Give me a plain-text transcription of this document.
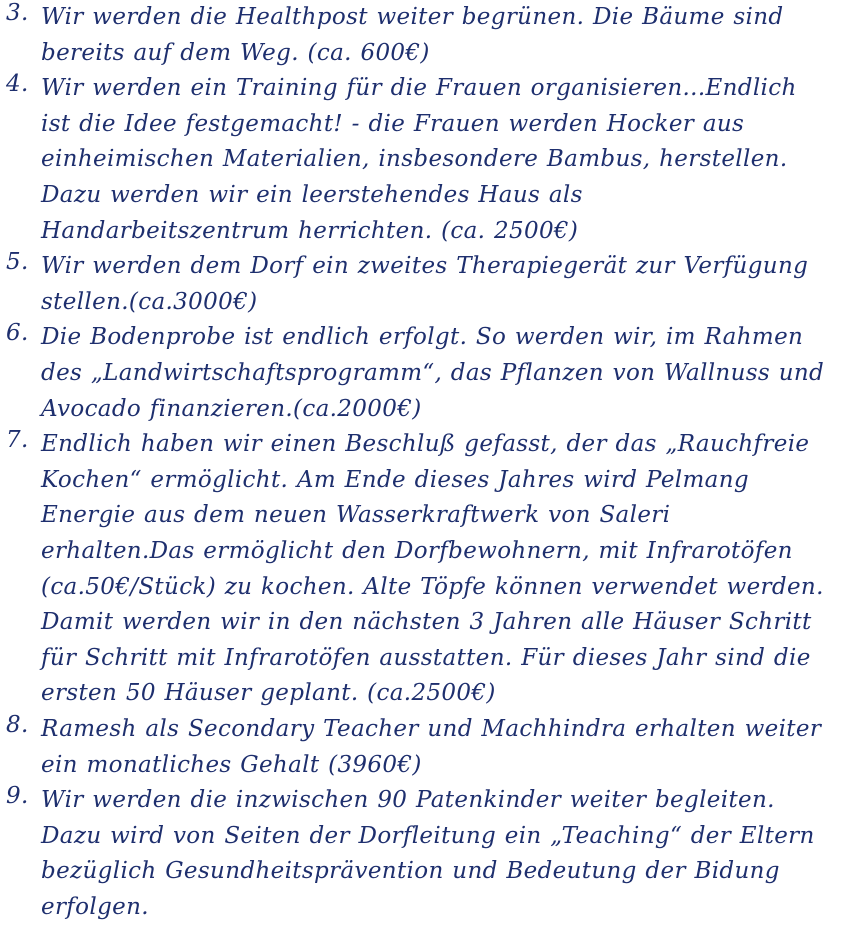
3. Wir werden die Healthpost weiter begrünen. Die Bäume sind
bereits auf dem Weg. (ca. 600€)
4. Wir werden ein Training für die Frauen organisieren...Endlich
ist die Idee festgemacht! - die Frauen werden Hocker aus
einheimischen Materialien, insbesondere Bambus, herstellen.
Dazu werden wir ein leerstehendes Haus als
Handarbeitszentrum herrichten. (ca. 2500€)
5. Wir werden dem Dorf ein zweites Therapiegerät zur Verfügung
stellen.(ca.3000€)
6. Die Bodenprobe ist endlich erfolgt. So werden wir, im Rahmen
des „Landwirtschaftsprogramm“, das Pflanzen von Wallnuss und
Avocado finanzieren.(ca.2000€)
7. Endlich haben wir einen Beschluß gefasst, der das „Rauchfreie
Kochen“ ermöglicht. Am Ende dieses Jahres wird Pelmang
Energie aus dem neuen Wasserkraftwerk von Saleri
erhalten.Das ermöglicht den Dorfbewohnern, mit Infrarotöfen
(ca.50€/Stück) zu kochen. Alte Töpfe können verwendet werden.
Damit werden wir in den nächsten 3 Jahren alle Häuser Schritt
für Schritt mit Infrarotöfen ausstatten. Für dieses Jahr sind die
ersten 50 Häuser geplant. (ca.2500€)
8. Ramesh als Secondary Teacher und Machhindra erhalten weiter
ein monatliches Gehalt (3960€)
9. Wir werden die inzwischen 90 Patenkinder weiter begleiten.
Dazu wird von Seiten der Dorfleitung ein „Teaching“ der Eltern
bezüglich Gesundheitsprävention und Bedeutung der Bidung
erfolgen.
